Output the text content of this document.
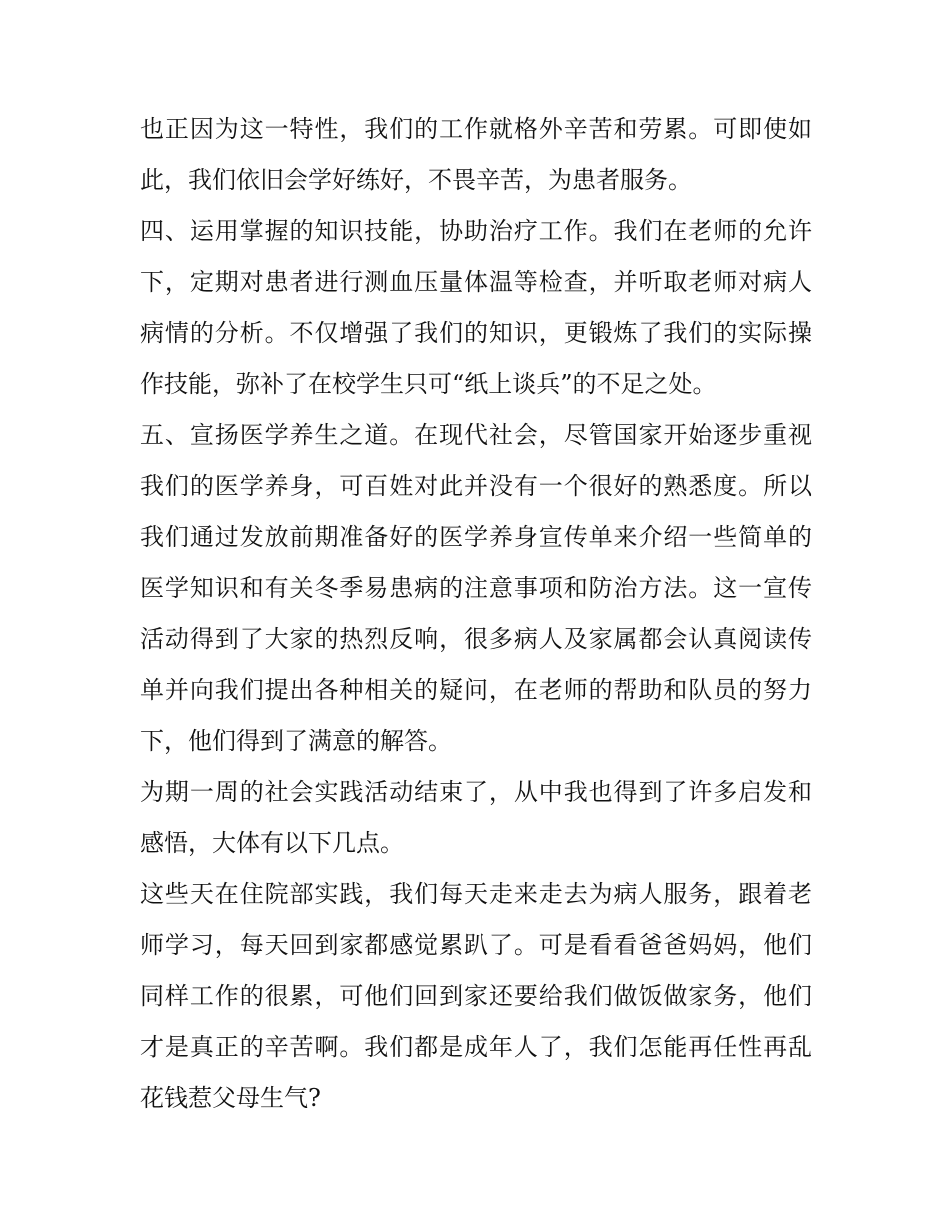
也正因为这一特性，我们的工作就格外辛苦和劳累。可即使如
此，我们依旧会学好练好，不畏辛苦，为患者服务。
四、运用掌握的知识技能，协助治疗工作。我们在老师的允许
下，定期对患者进行测血压量体温等检查，并听取老师对病人
病情的分析。不仅增强了我们的知识，更锻炼了我们的实际操
作技能，弥补了在校学生只可“纸上谈兵”的不足之处。
五、宣扬医学养生之道。在现代社会，尽管国家开始逐步重视
我们的医学养身，可百姓对此并没有一个很好的熟悉度。所以
我们通过发放前期准备好的医学养身宣传单来介绍一些简单的
医学知识和有关冬季易患病的注意事项和防治方法。这一宣传
活动得到了大家的热烈反响，很多病人及家属都会认真阅读传
单并向我们提出各种相关的疑问，在老师的帮助和队员的努力
下，他们得到了满意的解答。
为期一周的社会实践活动结束了，从中我也得到了许多启发和
感悟，大体有以下几点。
这些天在住院部实践，我们每天走来走去为病人服务，跟着老
师学习，每天回到家都感觉累趴了。可是看看爸爸妈妈，他们
同样工作的很累，可他们回到家还要给我们做饭做家务，他们
才是真正的辛苦啊。我们都是成年人了，我们怎能再任性再乱
花钱惹父母生气?
